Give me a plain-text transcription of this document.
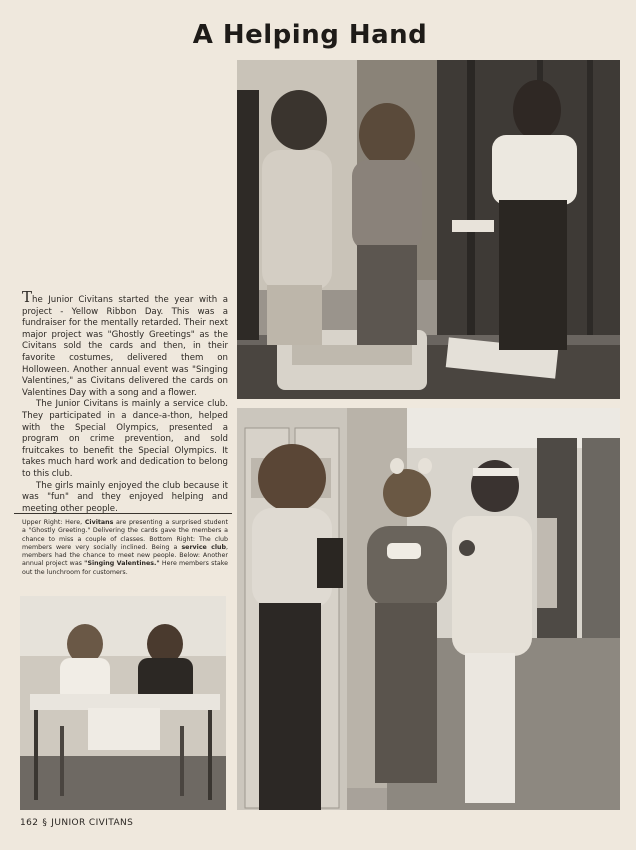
A Helping Hand

The Junior Civitans started the year with a project - Yellow Ribbon Day. This was a fundraiser for the mentally retarded. Their next major project was "Ghostly Greetings" as the Civitans sold the cards and then, in their favorite costumes, delivered them on Holloween. Another annual event was "Singing Valentines," as Civitans delivered the cards on Valentines Day with a song and a flower.

The Junior Civitans is mainly a service club. They participated in a dance-a-thon, helped with the Special Olympics, presented a program on crime prevention, and sold fruitcakes to benefit the Special Olympics. It takes much hard work and dedication to belong to this club.

The girls mainly enjoyed the club because it was "fun" and they enjoyed helping and meeting other people.

Upper Right: Here, Civitans are presenting a surprised student a "Ghostly Greeting." Delivering the cards gave the members a chance to miss a couple of classes. Bottom Right: The club members were very socially inclined. Being a service club, members had the chance to meet new people. Below: Another annual project was "Singing Valentines." Here members stake out the lunchroom for customers.
162 § JUNIOR CIVITANS
